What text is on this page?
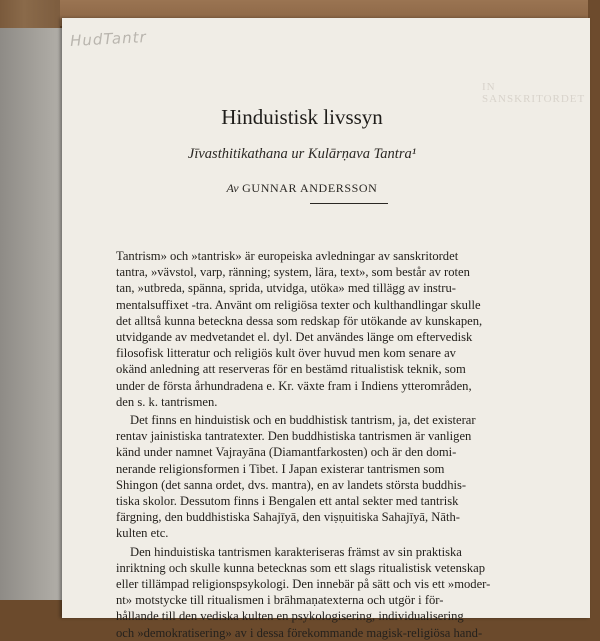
HudTantr
IN SANSKRITORDET
Hinduistisk livssyn
Jīvasthitikathana ur Kulārṇava Tantra¹
Av GUNNAR ANDERSSON

Tantrism» och »tantrisk» är europeiska avledningar av sanskritordet
tantra, »vävstol, varp, ränning; system, lära, text», som består av roten
tan, »utbreda, spänna, sprida, utvidga, utöka» med tillägg av instru-
mentalsuffixet -tra. Använt om religiösa texter och kulthandlingar skulle
det alltså kunna beteckna dessa som redskap för utökande av kunskapen,
utvidgande av medvetandet el. dyl. Det användes länge om eftervedisk
filosofisk litteratur och religiös kult över huvud men kom senare av
okänd anledning att reserveras för en bestämd ritualistisk teknik, som
under de första århundradena e. Kr. växte fram i Indiens ytterområden,
den s. k. tantrismen.

Det finns en hinduistisk och en buddhistisk tantrism, ja, det existerar
rentav jainistiska tantratexter. Den buddhistiska tantrismen är vanligen
känd under namnet Vajrayāna (Diamantfarkosten) och är den domi-
nerande religionsformen i Tibet. I Japan existerar tantrismen som
Shingon (det sanna ordet, dvs. mantra), en av landets största buddhis-
tiska skolor. Dessutom finns i Bengalen ett antal sekter med tantrisk
färgning, den buddhistiska Sahajīyā, den viṣṇuitiska Sahajīyā, Nāth-
kulten etc.

Den hinduistiska tantrismen karakteriseras främst av sin praktiska
inriktning och skulle kunna betecknas som ett slags ritualistisk vetenskap
eller tillämpad religionspsykologi. Den innebär på sätt och vis ett »moder-
nt» motstycke till ritualismen i brāhmaṇatexterna och utgör i för-
hållande till den vediska kulten en psykologisering, individualisering
och »demokratisering» av i dessa förekommande magisk-religiösa hand-
